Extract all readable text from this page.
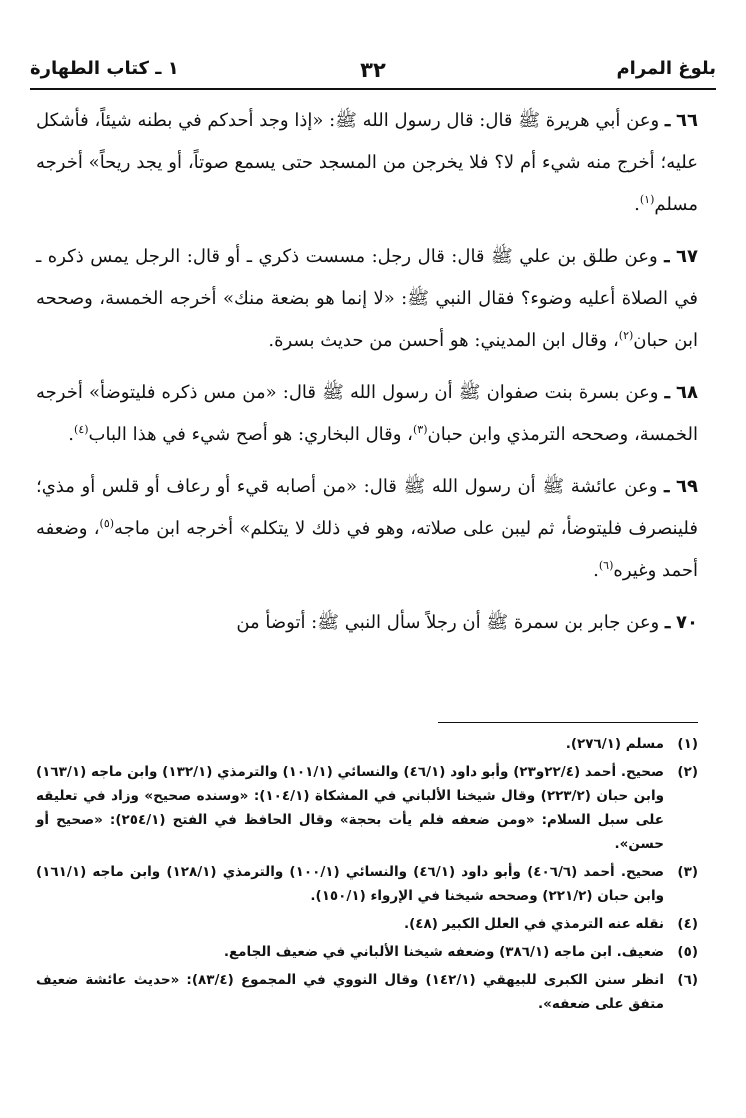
بلوغ المرام
٣٢
١ ـ كتاب الطهارة

٦٦ ـ وعن أبي هريرة ﷺ قال: قال رسول الله ﷺ: «إذا وجد أحدكم في بطنه شيئاً، فأشكل عليه؛ أخرج منه شيء أم لا؟ فلا يخرجن من المسجد حتى يسمع صوتاً، أو يجد ريحاً» أخرجه مسلم$^{(١)}$.

٦٧ ـ وعن طلق بن علي ﷺ قال: قال رجل: مسست ذكري ـ أو قال: الرجل يمس ذكره ـ في الصلاة أعليه وضوء؟ فقال النبي ﷺ: «لا إنما هو بضعة منك» أخرجه الخمسة، وصححه ابن حبان$^{(٢)}$، وقال ابن المديني: هو أحسن من حديث بسرة.

٦٨ ـ وعن بسرة بنت صفوان ﷺ أن رسول الله ﷺ قال: «من مس ذكره فليتوضأ» أخرجه الخمسة، وصححه الترمذي وابن حبان$^{(٣)}$، وقال البخاري: هو أصح شيء في هذا الباب$^{(٤)}$.

٦٩ ـ وعن عائشة ﷺ أن رسول الله ﷺ قال: «من أصابه قيء أو رعاف أو قلس أو مذي؛ فلينصرف فليتوضأ، ثم ليبن على صلاته، وهو في ذلك لا يتكلم» أخرجه ابن ماجه$^{(٥)}$، وضعفه أحمد وغيره$^{(٦)}$.

٧٠ ـ وعن جابر بن سمرة ﷺ أن رجلاً سأل النبي ﷺ: أتوضأ من

(١)
مسلم (٢٧٦/١).
(٢)
صحيح. أحمد (٢٢/٤و٢٣) وأبو داود (٤٦/١) والنسائي (١٠١/١) والترمذي (١٣٢/١) وابن ماجه (١٦٣/١) وابن حبان (٢٢٣/٢) وقال شيخنا الألباني في المشكاة (١٠٤/١): «وسنده صحيح» وزاد في تعليقه على سبل السلام: «ومن ضعفه فلم يأت بحجة» وقال الحافظ في الفتح (٢٥٤/١): «صحيح أو حسن».
(٣)
صحيح. أحمد (٤٠٦/٦) وأبو داود (٤٦/١) والنسائي (١٠٠/١) والترمذي (١٢٨/١) وابن ماجه (١٦١/١) وابن حبان (٢٢١/٢) وصححه شيخنا في الإرواء (١٥٠/١).
(٤)
نقله عنه الترمذي في العلل الكبير (٤٨).
(٥)
ضعيف. ابن ماجه (٣٨٦/١) وضعفه شيخنا الألباني في ضعيف الجامع.
(٦)
انظر سنن الكبرى للبيهقي (١٤٢/١) وقال النووي في المجموع (٨٣/٤): «حديث عائشة ضعيف متفق على ضعفه».
